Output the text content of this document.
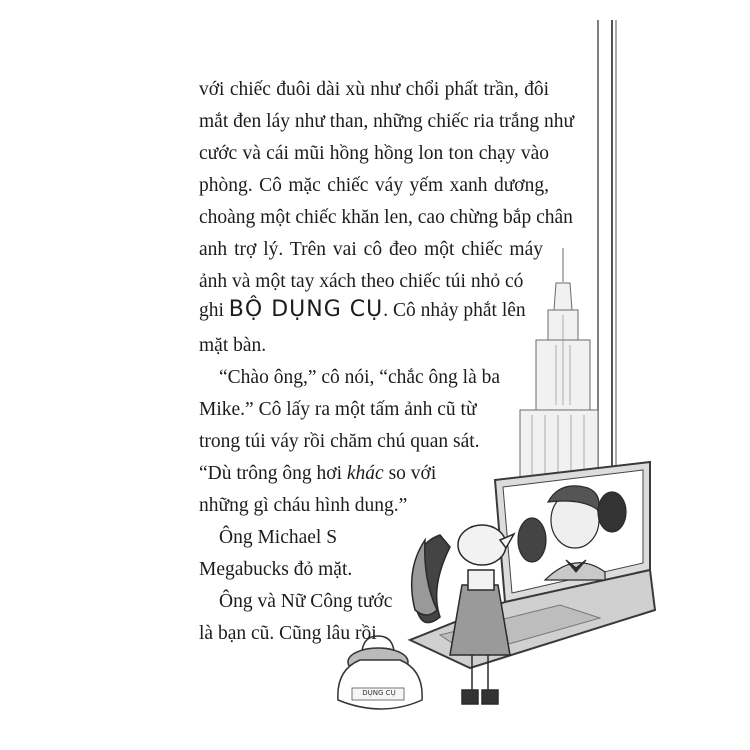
với chiếc đuôi dài xù như chổi phất trần, đôi

mắt đen láy như than, những chiếc ria trắng như

cước và cái mũi hồng hồng lon ton chạy vào

phòng. Cô mặc chiếc váy yếm xanh dương,

choàng một chiếc khăn len, cao chừng bắp chân

anh trợ lý. Trên vai cô đeo một chiếc máy

ảnh và một tay xách theo chiếc túi nhỏ có

ghi BỘ DỤNG CỤ. Cô nhảy phắt lên

mặt bàn.

“Chào ông,” cô nói, “chắc ông là ba

Mike.” Cô lấy ra một tấm ảnh cũ từ

trong túi váy rồi chăm chú quan sát.

“Dù trông ông hơi khác so với

những gì cháu hình dung.”

Ông Michael S

Megabucks đỏ mặt.

Ông và Nữ Công tước

là bạn cũ. Cũng lâu rồi

DỤNG CỤ
